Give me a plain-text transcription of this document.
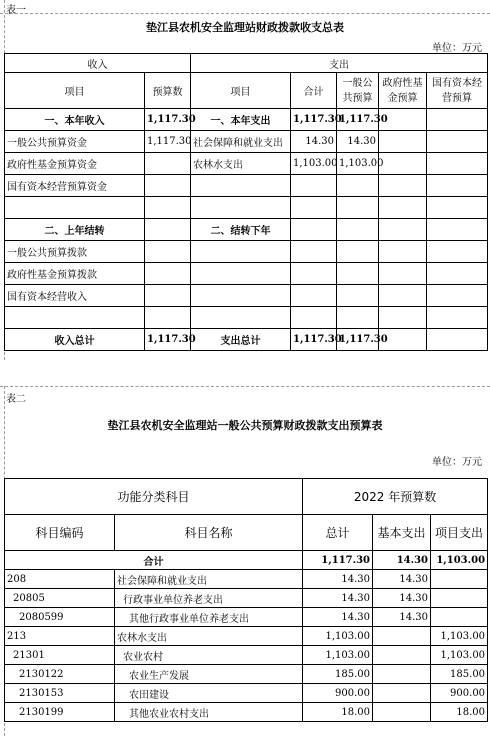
表一
垫江县农机安全监理站财政拨款收支总表
单位：万元
收入		支出				
项目	预算数	项目	合计	一般公共预算	政府性基金预算	国有资本经营预算
一、本年收入	1,117.30	一、本年支出	1,117.30	1,117.30		
一般公共预算资金	1,117.30	社会保障和就业支出	14.30	14.30		
政府性基金预算资金		农林水支出	1,103.00	1,103.00		
国有资本经营预算资金						

二、上年结转		二、结转下年				
一般公共预算拨款						
政府性基金预算拨款						
国有资本经营收入						

收入总计	1,117.30	支出总计	1,117.30	1,117.30		
表二
垫江县农机安全监理站一般公共预算财政拨款支出预算表
单位：万元
功能分类科目		2022 年预算数		
科目编码	科目名称	总计	基本支出	项目支出
合计		1,117.30	14.30	1,103.00
208	社会保障和就业支出	14.30	14.30	
20805	行政事业单位养老支出	14.30	14.30	
2080599	其他行政事业单位养老支出	14.30	14.30	
213	农林水支出	1,103.00		1,103.00
21301	农业农村	1,103.00		1,103.00
2130122	农业生产发展	185.00		185.00
2130153	农田建设	900.00		900.00
2130199	其他农业农村支出	18.00		18.00
